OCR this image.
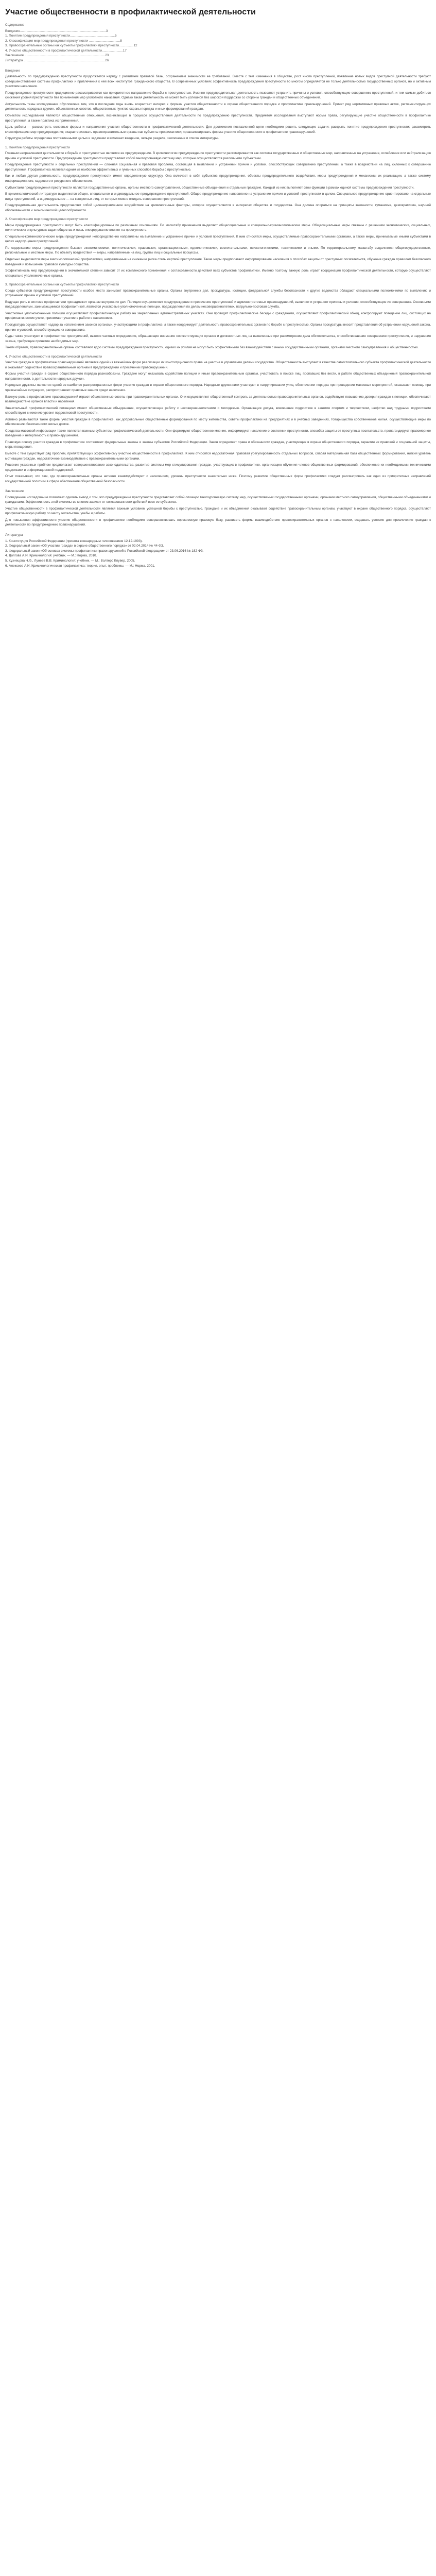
Участие общественности в профилактической деятельности
Содержание
Введение..............................................................................................3
1. Понятие предупреждения преступности.................................................5
2. Классификация мер предупреждения преступности ..................................8
3. Правоохранительные органы как субъекты профилактики преступности................12
4. Участие общественности в профилактической деятельности.......................17
Заключение ........................................................................................23
Литература .........................................................................................26
Введение

Деятельность по предупреждению преступности продолжается наряду с развитием правовой базы, сохранением значимости ее требований. Вместе с тем изменения в обществе, рост числа преступлений, появление новых видов преступной деятельности требуют совершенствования системы профилактики и привлечения к ней всех институтов гражданского общества. В современных условиях эффективность предупреждения преступности во многом определяется не только деятельностью государственных органов, но и активным участием населения.

Предупреждение преступности традиционно рассматривается как приоритетное направление борьбы с преступностью. Именно предупредительная деятельность позволяет устранить причины и условия, способствующие совершению преступлений, и тем самым добиться снижения уровня преступности без применения мер уголовного наказания. Однако такая деятельность не может быть успешной без широкой поддержки со стороны граждан и общественных объединений.

Актуальность темы исследования обусловлена тем, что в последние годы вновь возрастает интерес к формам участия общественности в охране общественного порядка и профилактике правонарушений. Принят ряд нормативных правовых актов, регламентирующих деятельность народных дружин, общественных советов, общественных пунктов охраны порядка и иных формирований граждан.

Объектом исследования являются общественные отношения, возникающие в процессе осуществления деятельности по предупреждению преступности. Предметом исследования выступают нормы права, регулирующие участие общественности в профилактике преступлений, а также практика их применения.

Цель работы — рассмотреть основные формы и направления участия общественности в профилактической деятельности. Для достижения поставленной цели необходимо решить следующие задачи: раскрыть понятие предупреждения преступности; рассмотреть классификацию мер предупреждения; охарактеризовать правоохранительные органы как субъекты профилактики; проанализировать формы участия общественности в профилактике правонарушений.

Структура работы определена поставленными целью и задачами и включает введение, четыре раздела, заключение и список литературы.

1. Понятие предупреждения преступности

Главным направлением деятельности в борьбе с преступностью является ее предупреждение. В криминологии предупреждение преступности рассматривается как система государственных и общественных мер, направленных на устранение, ослабление или нейтрализацию причин и условий преступности. Предупреждение преступности представляет собой многоуровневую систему мер, которые осуществляются различными субъектами.

Предупреждение преступности и отдельных преступлений — сложная социальная и правовая проблема, состоящая в выявлении и устранении причин и условий, способствующих совершению преступлений, а также в воздействии на лиц, склонных к совершению преступлений. Профилактика является одним из наиболее эффективных и гуманных способов борьбы с преступностью.

Как и любая другая деятельность, предупреждение преступности имеет определенную структуру. Она включает в себя субъектов предупреждения, объекты предупредительного воздействия, меры предупреждения и механизмы их реализации, а также систему информационного, кадрового и ресурсного обеспечения.

Субъектами предупреждения преступности являются государственные органы, органы местного самоуправления, общественные объединения и отдельные граждане. Каждый из них выполняет свои функции в рамках единой системы предупреждения преступности.

В криминологической литературе выделяются общее, специальное и индивидуальное предупреждение преступлений. Общее предупреждение направлено на устранение причин и условий преступности в целом. Специальное предупреждение ориентировано на отдельные виды преступлений, а индивидуальное — на конкретных лиц, от которых можно ожидать совершения преступлений.

Предупредительная деятельность представляет собой целенаправленное воздействие на криминогенные факторы, которое осуществляется в интересах общества и государства. Она должна опираться на принципы законности, гуманизма, демократизма, научной обоснованности и экономической целесообразности.

2. Классификация мер предупреждения преступности

Меры предупреждения преступности могут быть классифицированы по различным основаниям. По масштабу применения выделяют общесоциальные и специально-криминологические меры. Общесоциальные меры связаны с решением экономических, социальных, политических и культурных задач общества и лишь опосредованно влияют на преступность.

Специально-криминологические меры предупреждения непосредственно направлены на выявление и устранение причин и условий преступлений. К ним относятся меры, осуществляемые правоохранительными органами, а также меры, принимаемые иными субъектами в целях недопущения преступлений.

По содержанию меры предупреждения бывают экономическими, политическими, правовыми, организационными, идеологическими, воспитательными, психологическими, техническими и иными. По территориальному масштабу выделяются общегосударственные, региональные и местные меры. По объекту воздействия — меры, направленные на лиц, группы лиц и социальные процессы.

Отдельно выделяются меры виктимологической профилактики, направленные на снижение риска стать жертвой преступления. Такие меры предполагают информирование населения о способах защиты от преступных посягательств, обучение граждан правилам безопасного поведения и повышение правовой культуры общества.

Эффективность мер предупреждения в значительной степени зависит от их комплексного применения и согласованности действий всех субъектов профилактики. Именно поэтому важную роль играет координация профилактической деятельности, которую осуществляют специально уполномоченные органы.

3. Правоохранительные органы как субъекты профилактики преступности

Среди субъектов предупреждения преступности особое место занимают правоохранительные органы. Органы внутренних дел, прокуратуры, юстиции, федеральной службы безопасности и другие ведомства обладают специальными полномочиями по выявлению и устранению причин и условий преступлений.

Ведущая роль в системе профилактики принадлежит органам внутренних дел. Полиция осуществляет предупреждение и пресечение преступлений и административных правонарушений, выявляет и устраняет причины и условия, способствующие их совершению. Основными подразделениями, занимающимися профилактикой, являются участковые уполномоченные полиции, подразделения по делам несовершеннолетних, патрульно-постовая служба.

Участковые уполномоченные полиции осуществляют профилактическую работу на закрепленных административных участках. Они проводят профилактические беседы с гражданами, осуществляют профилактический обход, контролируют поведение лиц, состоящих на профилактическом учете, принимают участие в работе с населением.

Прокуратура осуществляет надзор за исполнением законов органами, участвующими в профилактике, а также координирует деятельность правоохранительных органов по борьбе с преступностью. Органы прокуратуры вносят представления об устранении нарушений закона, причин и условий, способствующих их совершению.

Суды также участвуют в профилактике преступлений, вынося частные определения, обращающие внимание соответствующих органов и должностных лиц на выявленные при рассмотрении дела обстоятельства, способствовавшие совершению преступления, и нарушения закона, требующие принятия необходимых мер.

Таким образом, правоохранительные органы составляют ядро системы предупреждения преступности, однако их усилия не могут быть эффективными без взаимодействия с иными государственными органами, органами местного самоуправления и общественностью.

4. Участие общественности в профилактической деятельности

Участие граждан в профилактике правонарушений является одной из важнейших форм реализации их конституционного права на участие в управлении делами государства. Общественность выступает в качестве самостоятельного субъекта профилактической деятельности и оказывает содействие правоохранительным органам в предупреждении и пресечении правонарушений.

Формы участия граждан в охране общественного порядка разнообразны. Граждане могут оказывать содействие полиции и иным правоохранительным органам, участвовать в поиске лиц, пропавших без вести, в работе общественных объединений правоохранительной направленности, в деятельности народных дружин.

Народные дружины являются одной из наиболее распространенных форм участия граждан в охране общественного порядка. Народные дружинники участвуют в патрулировании улиц, обеспечении порядка при проведении массовых мероприятий, оказывают помощь при чрезвычайных ситуациях, распространяют правовые знания среди населения.

Важную роль в профилактике правонарушений играют общественные советы при правоохранительных органах. Они осуществляют общественный контроль за деятельностью правоохранительных органов, содействуют повышению доверия граждан к полиции, обеспечивают взаимодействие органов власти и населения.

Значительный профилактический потенциал имеют общественные объединения, осуществляющие работу с несовершеннолетними и молодежью. Организация досуга, вовлечение подростков в занятия спортом и творчеством, шефство над трудными подростками способствуют снижению уровня подростковой преступности.

Активно развиваются такие формы участия граждан в профилактике, как добровольные общественные формирования по месту жительства, советы профилактики на предприятиях и в учебных заведениях, товарищества собственников жилья, осуществляющие меры по обеспечению безопасности жилых домов.

Средства массовой информации также являются важным субъектом профилактической деятельности. Они формируют общественное мнение, информируют население о состоянии преступности, способах защиты от преступных посягательств, пропагандируют правомерное поведение и нетерпимость к правонарушениям.

Правовую основу участия граждан в профилактике составляют федеральные законы и законы субъектов Российской Федерации. Закон определяет права и обязанности граждан, участвующих в охране общественного порядка, гарантии их правовой и социальной защиты, меры поощрения.

Вместе с тем существует ряд проблем, препятствующих эффективному участию общественности в профилактике. К ним относятся недостаточная правовая урегулированность отдельных вопросов, слабая материальная база общественных формирований, низкий уровень мотивации граждан, недостаточное взаимодействие с правоохранительными органами.

Решение указанных проблем предполагает совершенствование законодательства, развитие системы мер стимулирования граждан, участвующих в профилактике, организацию обучения членов общественных формирований, обеспечение их необходимыми техническими средствами и информационной поддержкой.

Опыт показывает, что там, где правоохранительные органы активно взаимодействуют с населением, уровень преступности значительно ниже. Поэтому развитие общественных форм профилактики следует рассматривать как одно из приоритетных направлений государственной политики в сфере обеспечения общественной безопасности.

Заключение

Проведенное исследование позволяет сделать вывод о том, что предупреждение преступности представляет собой сложную многоуровневую систему мер, осуществляемых государственными органами, органами местного самоуправления, общественными объединениями и гражданами. Эффективность этой системы во многом зависит от согласованности действий всех ее субъектов.

Участие общественности в профилактической деятельности является важным условием успешной борьбы с преступностью. Граждане и их объединения оказывают содействие правоохранительным органам, участвуют в охране общественного порядка, осуществляют профилактическую работу по месту жительства, учебы и работы.

Для повышения эффективности участия общественности в профилактике необходимо совершенствовать нормативную правовую базу, развивать формы взаимодействия правоохранительных органов с населением, создавать условия для привлечения граждан к деятельности по предупреждению правонарушений.

Литература
1. Конституция Российской Федерации (принята всенародным голосованием 12.12.1993).
2. Федеральный закон «Об участии граждан в охране общественного порядка» от 02.04.2014 № 44-ФЗ.
3. Федеральный закон «Об основах системы профилактики правонарушений в Российской Федерации» от 23.06.2016 № 182-ФЗ.
4. Долгова А.И. Криминология: учебник. — М.: Норма, 2010.
5. Кузнецова Н.Ф., Лунеев В.В. Криминология: учебник. — М.: Волтерс Клувер, 2005.
6. Алексеев А.И. Криминологическая профилактика: теория, опыт, проблемы. — М.: Норма, 2001.
